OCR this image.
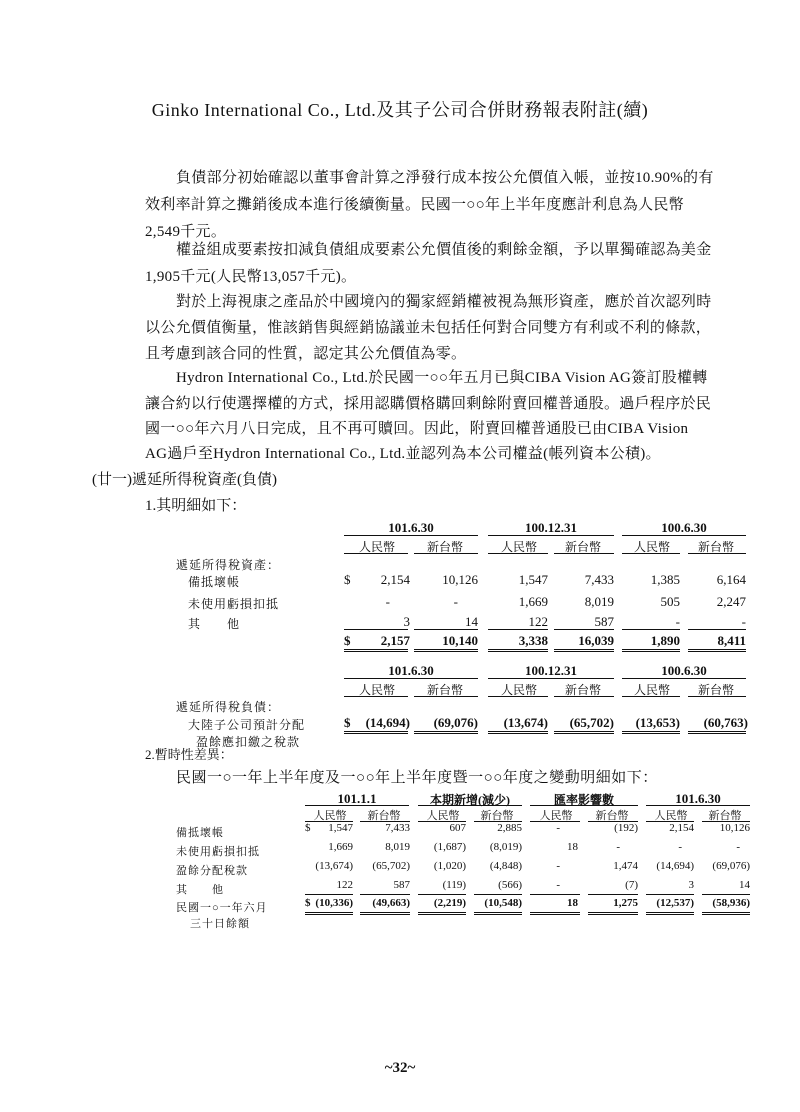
Ginko International Co., Ltd.及其子公司合併財務報表附註(續)
負債部分初始確認以董事會計算之淨發行成本按公允價值入帳，並按10.90%的有
效利率計算之攤銷後成本進行後續衡量。民國一○○年上半年度應計利息為人民幣
2,549千元。
權益組成要素按扣減負債組成要素公允價值後的剩餘金額，予以單獨確認為美金
1,905千元(人民幣13,057千元)。
對於上海視康之產品於中國境內的獨家經銷權被視為無形資產，應於首次認列時
以公允價值衡量，惟該銷售與經銷協議並未包括任何對合同雙方有利或不利的條款，
且考慮到該合同的性質，認定其公允價值為零。
Hydron International Co., Ltd.於民國一○○年五月已與CIBA Vision AG簽訂股權轉
讓合約以行使選擇權的方式，採用認購價格購回剩餘附賣回權普通股。過戶程序於民
國一○○年六月八日完成，且不再可贖回。因此，附賣回權普通股已由CIBA Vision
AG過戶至Hydron International Co., Ltd.並認列為本公司權益(帳列資本公積)。
(廿一)遞延所得稅資產(負債)
1.其明細如下：
101.6.30	100.12.31	100.6.30
人民幣	新台幣	人民幣	新台幣	人民幣	新台幣
遞延所得稅資產：
備抵壞帳	$	2,154	10,126	1,547	7,433	1,385	6,164
未使用虧損扣抵	-	-	1,669	8,019	505	2,247
其　　他	3	14	122	587	-	-
$	2,157	10,140	3,338	16,039	1,890	8,411
101.6.30	100.12.31	100.6.30
人民幣	新台幣	人民幣	新台幣	人民幣	新台幣
遞延所得稅負債：
大陸子公司預計分配
盈餘應扣繳之稅款
$	(14,694)	(69,076)	(13,674)	(65,702)	(13,653)	(60,763)
2.暫時性差異：
民國一○一年上半年度及一○○年上半年度暨一○○年度之變動明細如下：
101.1.1	本期新增(減少)	匯率影響數	101.6.30
人民幣	新台幣	人民幣	新台幣	人民幣	新台幣	人民幣	新台幣
備抵壞帳	$	1,547	7,433	607	2,885	-	(192)	2,154	10,126
未使用虧損扣抵	1,669	8,019	(1,687)	(8,019)	18	-	-	-
盈餘分配稅款	(13,674)	(65,702)	(1,020)	(4,848)	-	1,474	(14,694)	(69,076)
其　　他	122	587	(119)	(566)	-	(7)	3	14
民國一○一年六月
三十日餘額
$ (10,336)	(49,663)	(2,219)	(10,548)	18	1,275	(12,537)	(58,936)
~32~
